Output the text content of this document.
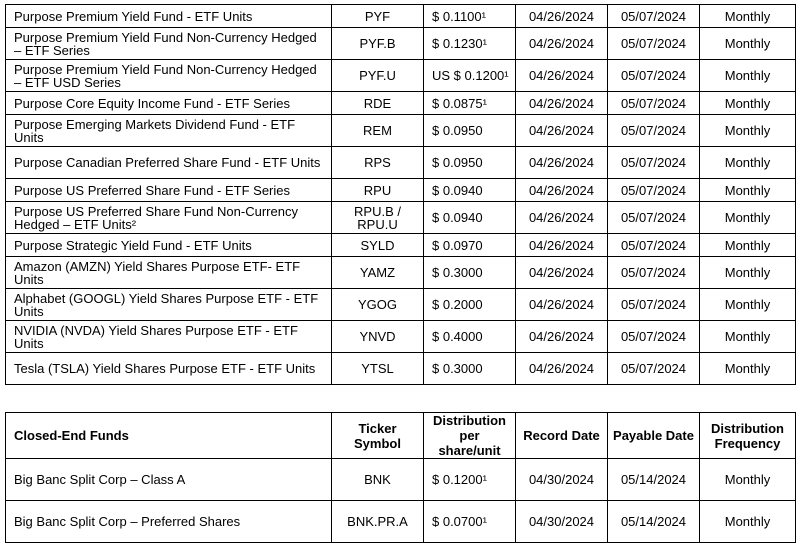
Purpose Premium Yield Fund - ETF Units	PYF	$ 0.1100¹	04/26/2024	05/07/2024	Monthly
Purpose Premium Yield Fund Non-Currency Hedged – ETF Series	PYF.B	$ 0.1230¹	04/26/2024	05/07/2024	Monthly
Purpose Premium Yield Fund Non-Currency Hedged – ETF USD Series	PYF.U	US $ 0.1200¹	04/26/2024	05/07/2024	Monthly
Purpose Core Equity Income Fund - ETF Series	RDE	$ 0.0875¹	04/26/2024	05/07/2024	Monthly
Purpose Emerging Markets Dividend Fund - ETF Units	REM	$ 0.0950	04/26/2024	05/07/2024	Monthly
Purpose Canadian Preferred Share Fund - ETF Units	RPS	$ 0.0950	04/26/2024	05/07/2024	Monthly
Purpose US Preferred Share Fund - ETF Series	RPU	$ 0.0940	04/26/2024	05/07/2024	Monthly
Purpose US Preferred Share Fund Non-Currency Hedged – ETF Units²	RPU.B / RPU.U	$ 0.0940	04/26/2024	05/07/2024	Monthly
Purpose Strategic Yield Fund - ETF Units	SYLD	$ 0.0970	04/26/2024	05/07/2024	Monthly
Amazon (AMZN) Yield Shares Purpose ETF- ETF Units	YAMZ	$ 0.3000	04/26/2024	05/07/2024	Monthly
Alphabet (GOOGL) Yield Shares Purpose ETF - ETF Units	YGOG	$ 0.2000	04/26/2024	05/07/2024	Monthly
NVIDIA (NVDA) Yield Shares Purpose ETF - ETF Units	YNVD	$ 0.4000	04/26/2024	05/07/2024	Monthly
Tesla (TSLA) Yield Shares Purpose ETF - ETF Units	YTSL	$ 0.3000	04/26/2024	05/07/2024	Monthly
Closed-End Funds	Ticker Symbol	Distribution per share/unit	Record Date	Payable Date	Distribution Frequency
Big Banc Split Corp – Class A	BNK	$ 0.1200¹	04/30/2024	05/14/2024	Monthly
Big Banc Split Corp – Preferred Shares	BNK.PR.A	$ 0.0700¹	04/30/2024	05/14/2024	Monthly
